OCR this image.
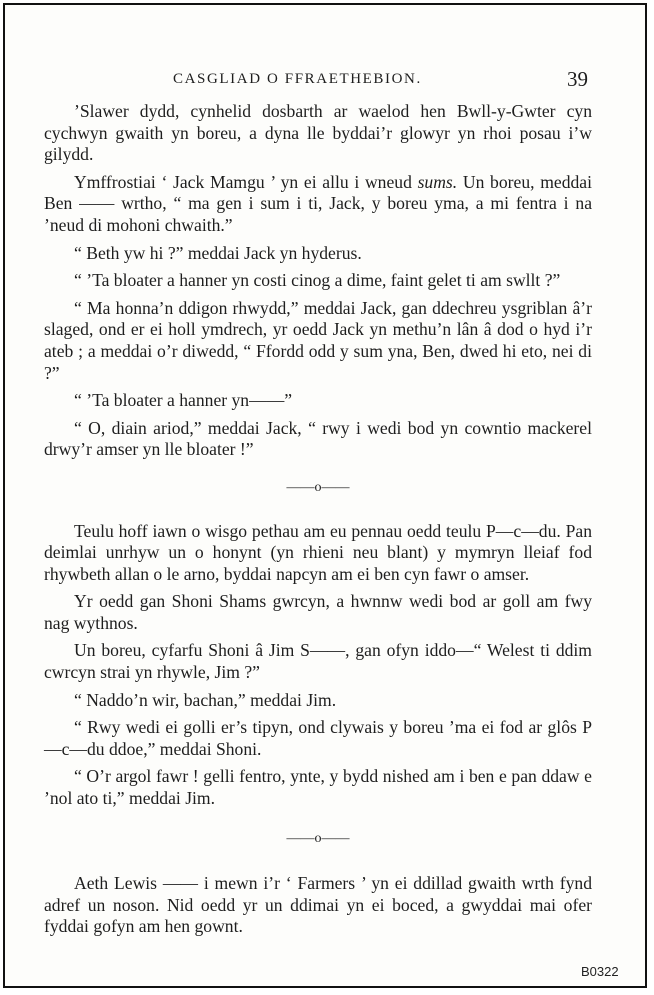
CASGLIAD O FFRAETHEBION.	39

’Slawer dydd, cynhelid dosbarth ar waelod hen Bwll-y-Gwter cyn cychwyn gwaith yn boreu, a dyna lle byddai’r glowyr yn rhoi posau i’w gilydd.

Ymffrostiai ‘ Jack Mamgu ’ yn ei allu i wneud sums. Un boreu, meddai Ben —— wrtho, “ ma gen i sum i ti, Jack, y boreu yma, a mi fentra i na ’neud di mohoni chwaith.”

“ Beth yw hi ?” meddai Jack yn hyderus.

“ ’Ta bloater a hanner yn costi cinog a dime, faint gelet ti am swllt ?”

“ Ma honna’n ddigon rhwydd,” meddai Jack, gan ddechreu ysgriblan â’r slaged, ond er ei holl ymdrech, yr oedd Jack yn methu’n lân â dod o hyd i’r ateb ; a meddai o’r diwedd, “ Ffordd odd y sum yna, Ben, dwed hi eto, nei di ?”

“ ’Ta bloater a hanner yn——”

“ O, diain ariod,” meddai Jack, “ rwy i wedi bod yn cowntio mackerel drwy’r amser yn lle bloater !”

——o——

Teulu hoff iawn o wisgo pethau am eu pennau oedd teulu P—c—du. Pan deimlai unrhyw un o honynt (yn rhieni neu blant) y mymryn lleiaf fod rhywbeth allan o le arno, byddai napcyn am ei ben cyn fawr o amser.

Yr oedd gan Shoni Shams gwrcyn, a hwnnw wedi bod ar goll am fwy nag wythnos.

Un boreu, cyfarfu Shoni â Jim S——, gan ofyn iddo—“ Welest ti ddim cwrcyn strai yn rhywle, Jim ?”

“ Naddo’n wir, bachan,” meddai Jim.

“ Rwy wedi ei golli er’s tipyn, ond clywais y boreu ’ma ei fod ar glôs P—c—du ddoe,” meddai Shoni.

“ O’r argol fawr ! gelli fentro, ynte, y bydd nished am i ben e pan ddaw e ’nol ato ti,” meddai Jim.

——o——

Aeth Lewis —— i mewn i’r ‘ Farmers ’ yn ei ddillad gwaith wrth fynd adref un noson. Nid oedd yr un ddimai yn ei boced, a gwyddai mai ofer fyddai gofyn am hen gownt.

B0322
